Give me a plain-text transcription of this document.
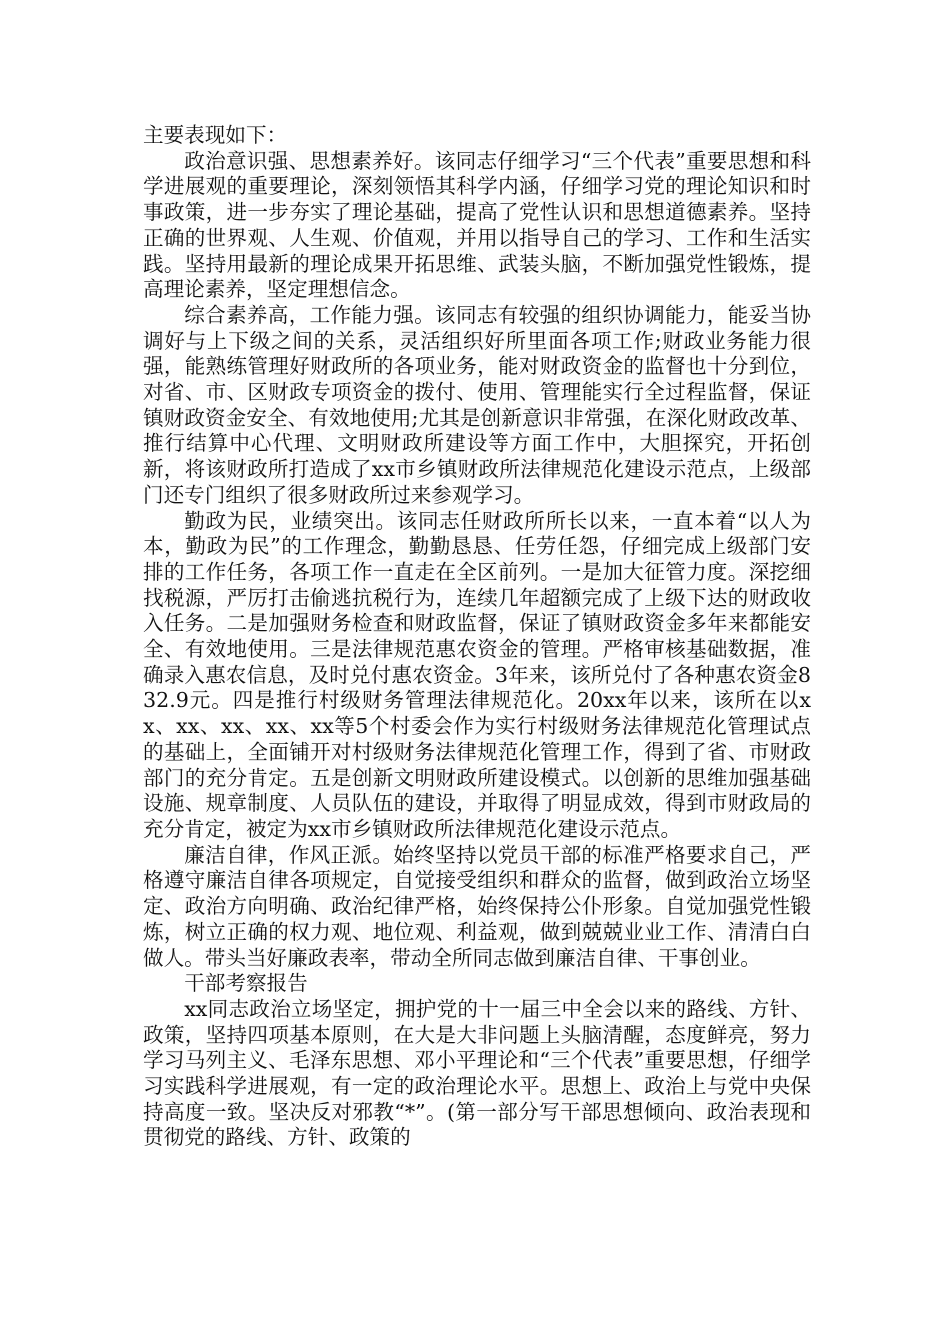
主要表现如下：

政治意识强、思想素养好。该同志仔细学习“三个代表”重要思想和科学进展观的重要理论，深刻领悟其科学内涵，仔细学习党的理论知识和时事政策，进一步夯实了理论基础，提高了党性认识和思想道德素养。坚持正确的世界观、人生观、价值观，并用以指导自己的学习、工作和生活实践。坚持用最新的理论成果开拓思维、武装头脑，不断加强党性锻炼，提高理论素养，坚定理想信念。

综合素养高，工作能力强。该同志有较强的组织协调能力，能妥当协调好与上下级之间的关系，灵活组织好所里面各项工作;财政业务能力很强，能熟练管理好财政所的各项业务，能对财政资金的监督也十分到位，对省、市、区财政专项资金的拨付、使用、管理能实行全过程监督，保证镇财政资金安全、有效地使用;尤其是创新意识非常强，在深化财政改革、推行结算中心代理、文明财政所建设等方面工作中，大胆探究，开拓创新，将该财政所打造成了xx市乡镇财政所法律规范化建设示范点，上级部门还专门组织了很多财政所过来参观学习。

勤政为民，业绩突出。该同志任财政所所长以来，一直本着“以人为本，勤政为民”的工作理念，勤勤恳恳、任劳任怨，仔细完成上级部门安排的工作任务，各项工作一直走在全区前列。一是加大征管力度。深挖细找税源，严厉打击偷逃抗税行为，连续几年超额完成了上级下达的财政收入任务。二是加强财务检查和财政监督，保证了镇财政资金多年来都能安全、有效地使用。三是法律规范惠农资金的管理。严格审核基础数据，准确录入惠农信息，及时兑付惠农资金。3年来，该所兑付了各种惠农资金832.9元。四是推行村级财务管理法律规范化。20xx年以来，该所在以xx、xx、xx、xx、xx等5个村委会作为实行村级财务法律规范化管理试点的基础上，全面铺开对村级财务法律规范化管理工作，得到了省、市财政部门的充分肯定。五是创新文明财政所建设模式。以创新的思维加强基础设施、规章制度、人员队伍的建设，并取得了明显成效，得到市财政局的充分肯定，被定为xx市乡镇财政所法律规范化建设示范点。

廉洁自律，作风正派。始终坚持以党员干部的标准严格要求自己，严格遵守廉洁自律各项规定，自觉接受组织和群众的监督，做到政治立场坚定、政治方向明确、政治纪律严格，始终保持公仆形象。自觉加强党性锻炼，树立正确的权力观、地位观、利益观，做到兢兢业业工作、清清白白做人。带头当好廉政表率，带动全所同志做到廉洁自律、干事创业。

干部考察报告

xx同志政治立场坚定，拥护党的十一届三中全会以来的路线、方针、政策，坚持四项基本原则，在大是大非问题上头脑清醒，态度鲜亮，努力学习马列主义、毛泽东思想、邓小平理论和“三个代表”重要思想，仔细学习实践科学进展观，有一定的政治理论水平。思想上、政治上与党中央保持高度一致。坚决反对邪教“*”。(第一部分写干部思想倾向、政治表现和贯彻党的路线、方针、政策的
